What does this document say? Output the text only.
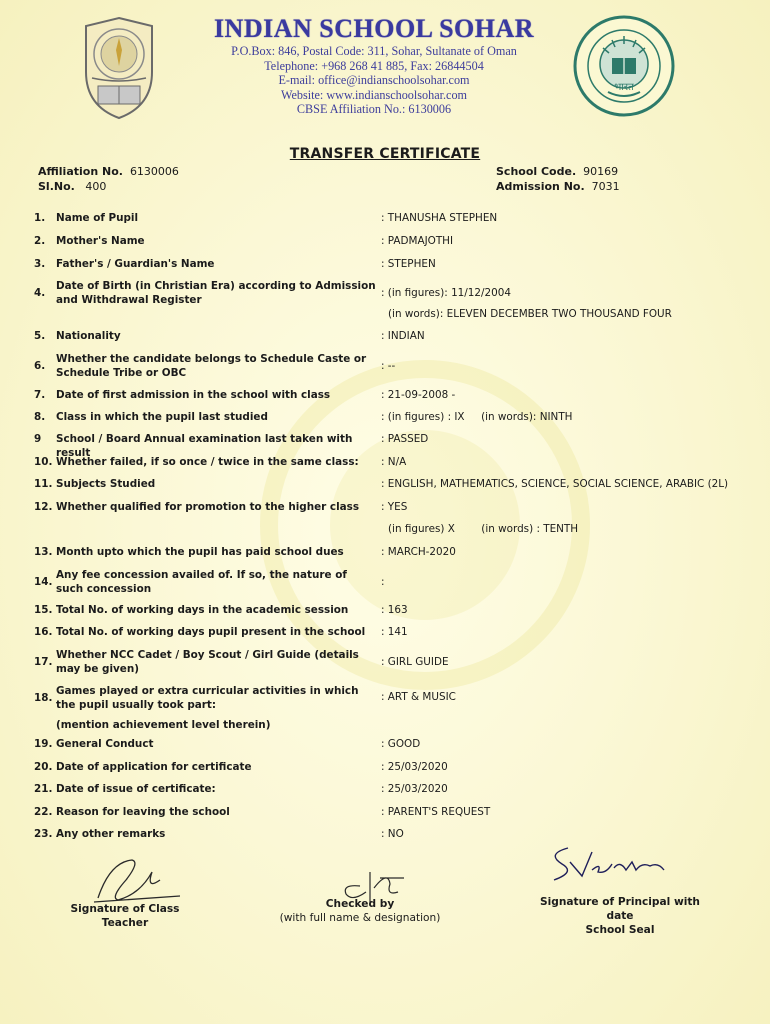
भारत
INDIAN SCHOOL SOHAR
P.O.Box: 846, Postal Code: 311, Sohar, Sultanate of Oman
Telephone: +968 268 41 885, Fax: 26844504
E-mail: office@indianschoolsohar.com
Website: www.indianschoolsohar.com
CBSE Affiliation No.: 6130006
TRANSFER CERTIFICATE
Affiliation No. 6130006
Sl.No. 400
School Code. 90169
Admission No. 7031
1. Name of Pupil	: THANUSHA STEPHEN
2. Mother's Name	: PADMAJOTHI
3. Father's / Guardian's Name	: STEPHEN
4.
Date of Birth (in Christian Era) according to Admission and Withdrawal Register
: (in figures): 11/12/2004
(in words): ELEVEN DECEMBER TWO THOUSAND FOUR
5. Nationality	: INDIAN
6.
Whether the candidate belongs to Schedule Caste or Schedule Tribe or OBC
: --
7. Date of first admission in the school with class	: 21-09-2008 -
8. Class in which the pupil last studied	: (in figures) : IX     (in words): NINTH
9 School / Board Annual examination last taken with result
: PASSED
10. Whether failed, if so once / twice in the same class:	: N/A
11. Subjects Studied	: ENGLISH, MATHEMATICS, SCIENCE, SOCIAL SCIENCE, ARABIC (2L)
12. Whether qualified for promotion to the higher class	: YES
(in figures) X        (in words) : TENTH
13. Month upto which the pupil has paid school dues	: MARCH-2020
14.
Any fee concession availed of. If so, the nature of such concession
:
15. Total No. of working days in the academic session	: 163
16. Total No. of working days pupil present in the school	: 141
17.
Whether NCC Cadet / Boy Scout / Girl Guide (details may be given)
: GIRL GUIDE
18.
Games played or extra curricular activities in which the pupil usually took part:
: ART & MUSIC
(mention achievement level therein)
19. General Conduct	: GOOD
20. Date of application for certificate	: 25/03/2020
21. Date of issue of certificate:	: 25/03/2020
22. Reason for leaving the school	: PARENT'S REQUEST
23. Any other remarks	: NO
Signature of Class Teacher
Checked by
(with full name & designation)
Signature of Principal with date
School Seal
